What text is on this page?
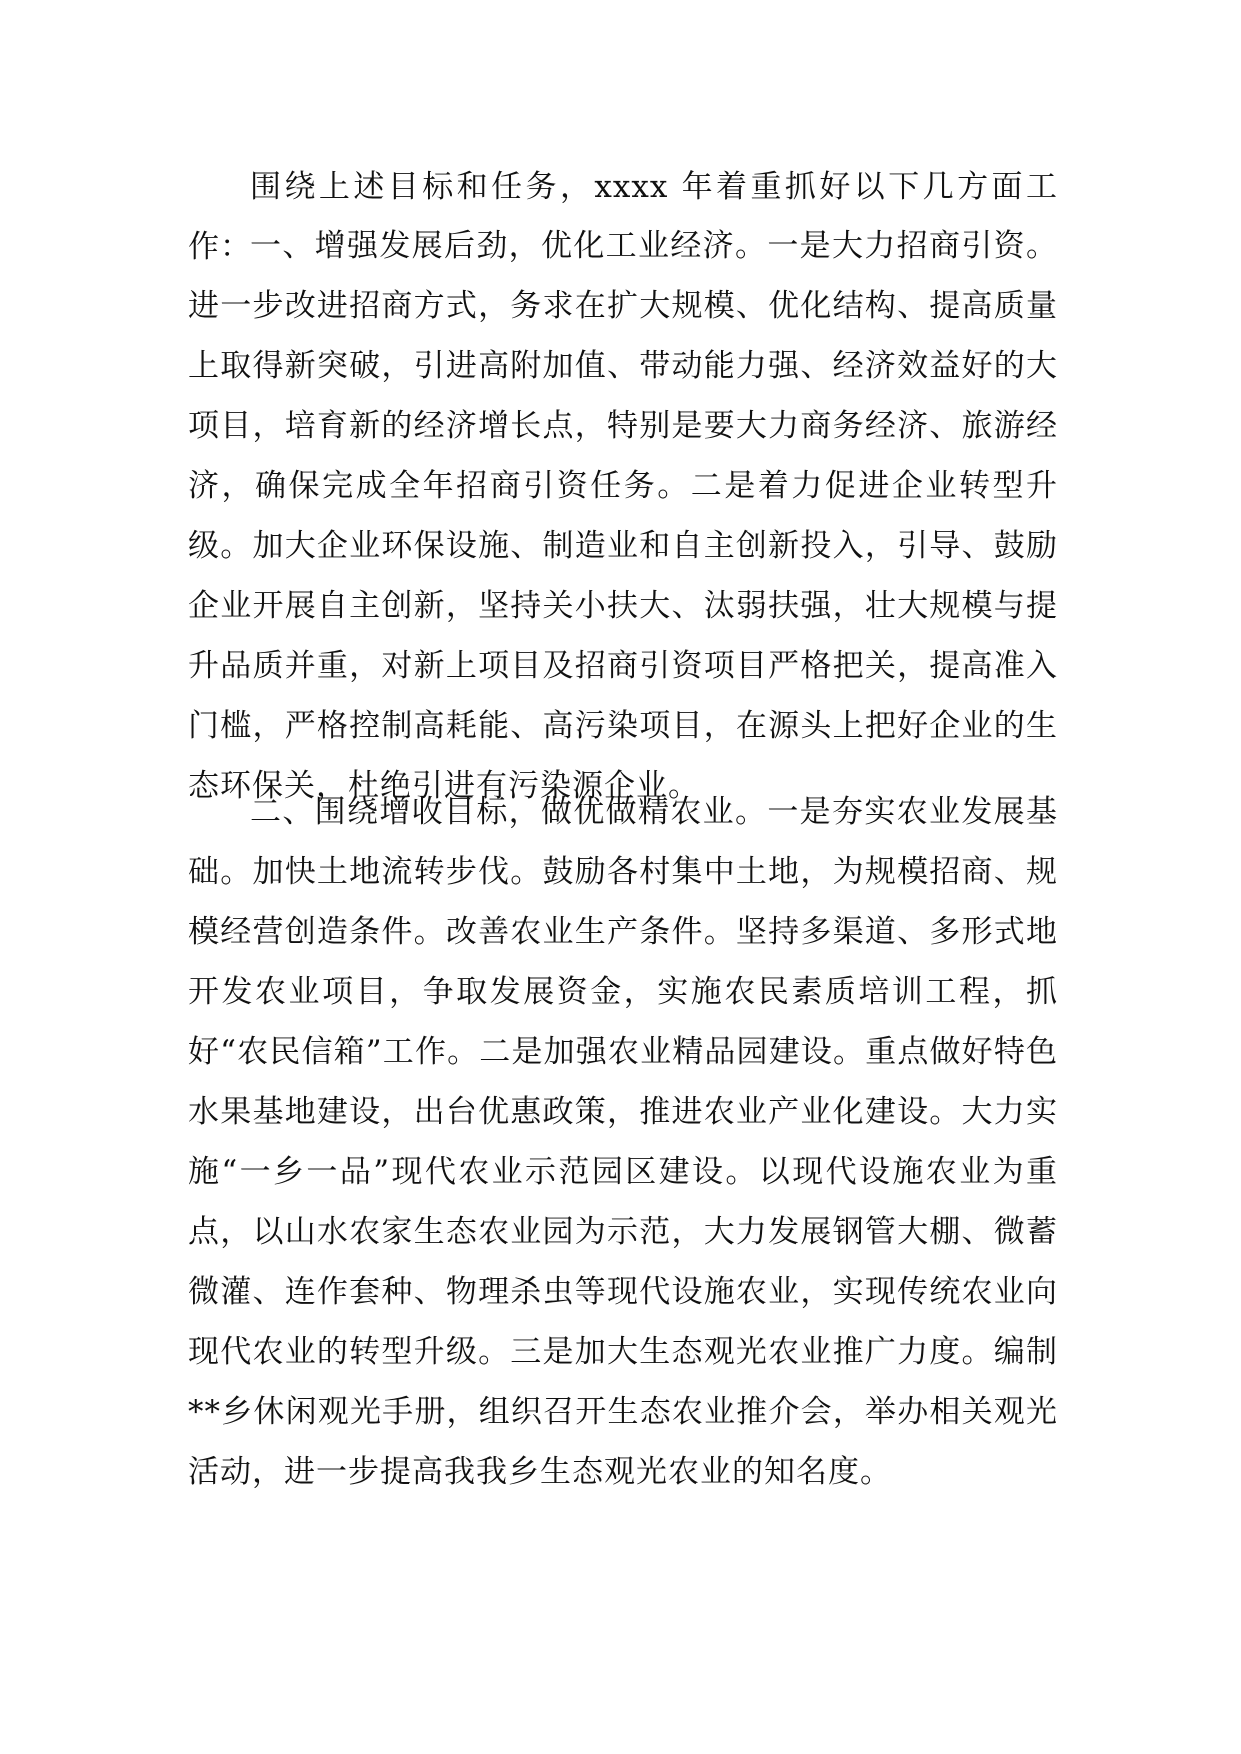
围绕上述目标和任务，xxxx 年着重抓好以下几方面工作：

一、增强发展后劲，优化工业经济。一是大力招商引资。进一步改进招商方式，务求在扩大规模、优化结构、提高质量上取得新突破，引进高附加值、带动能力强、经济效益好的大项目，培育新的经济增长点，特别是要大力商务经济、旅游经济，确保完成全年招商引资任务。二是着力促进企业转型升级。加大企业环保设施、制造业和自主创新投入，引导、鼓励企业开展自主创新，坚持关小扶大、汰弱扶强，壮大规模与提升品质并重，对新上项目及招商引资项目严格把关，提高准入门槛，严格控制高耗能、高污染项目，在源头上把好企业的生态环保关，杜绝引进有污染源企业。

二、围绕增收目标，做优做精农业。一是夯实农业发展基础。加快土地流转步伐。鼓励各村集中土地，为规模招商、规模经营创造条件。改善农业生产条件。坚持多渠道、多形式地开发农业项目，争取发展资金，实施农民素质培训工程，抓好“农民信箱”工作。二是加强农业精品园建设。重点做好特色水果基地建设，出台优惠政策，推进农业产业化建设。大力实施“一乡一品”现代农业示范园区建设。以现代设施农业为重点，以山水农家生态农业园为示范，大力发展钢管大棚、微蓄微灌、连作套种、物理杀虫等现代设施农业，实现传统农业向现代农业的转型升级。三是加大生态观光农业推广力度。编制**乡休闲观光手册，组织召开生态农业推介会，举办相关观光活动，进一步提高我我乡生态观光农业的知名度。
